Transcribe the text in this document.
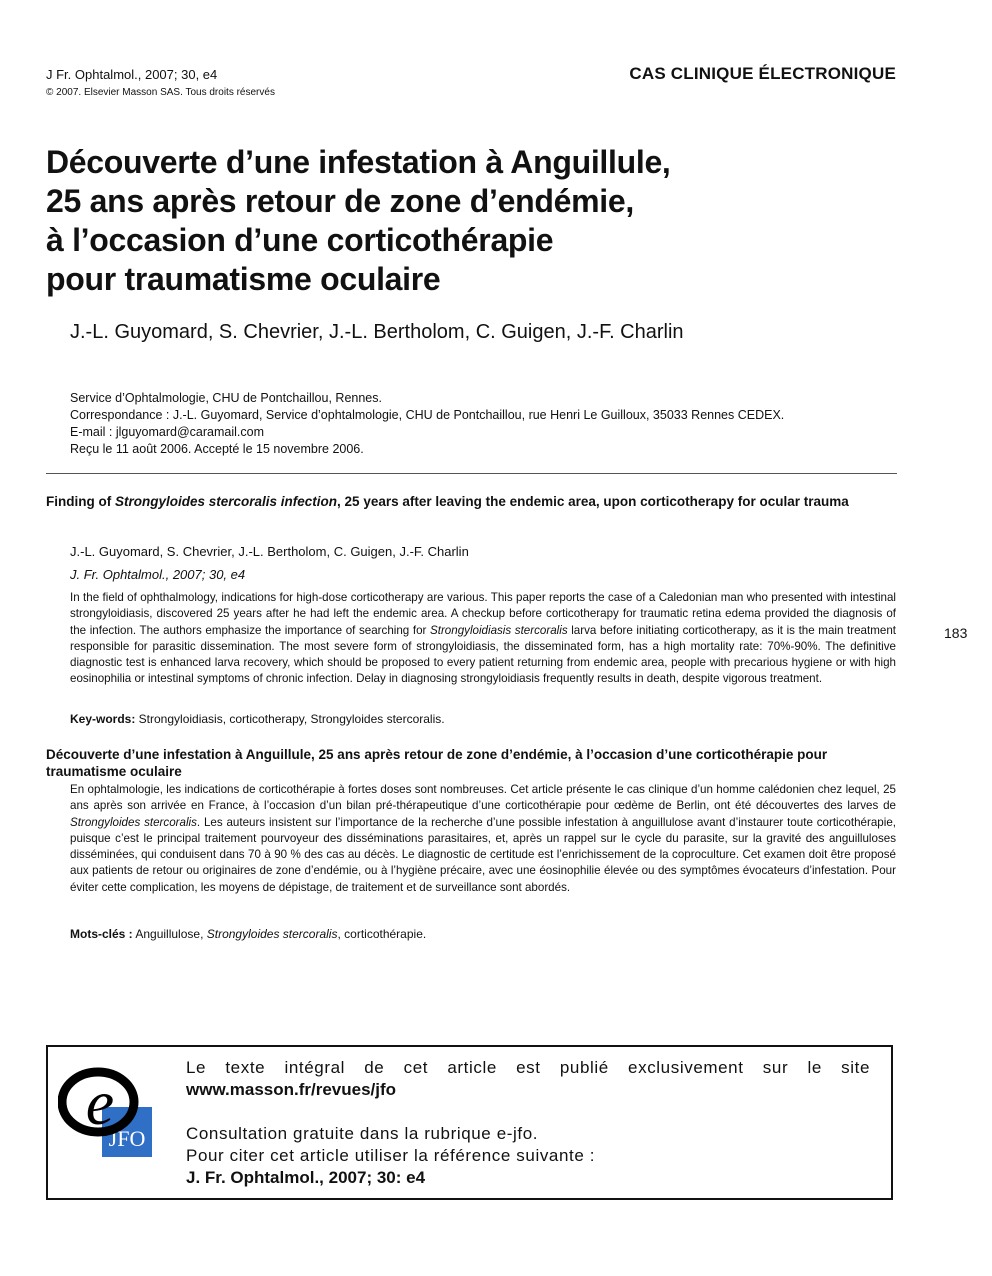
J Fr. Ophtalmol., 2007; 30, e4
© 2007. Elsevier Masson SAS. Tous droits réservés
CAS CLINIQUE ÉLECTRONIQUE
Découverte d’une infestation à Anguillule,
25 ans après retour de zone d’endémie,
à l’occasion d’une corticothérapie
pour traumatisme oculaire
J.-L. Guyomard, S. Chevrier, J.-L. Bertholom, C. Guigen, J.-F. Charlin
Service d’Ophtalmologie, CHU de Pontchaillou, Rennes.
Correspondance : J.-L. Guyomard, Service d’ophtalmologie, CHU de Pontchaillou, rue Henri Le Guilloux, 35033 Rennes CEDEX.
E-mail : jlguyomard@caramail.com
Reçu le 11 août 2006. Accepté le 15 novembre 2006.
Finding of Strongyloides stercoralis infection, 25 years after leaving the endemic area, upon corticotherapy for ocular trauma
J.-L. Guyomard, S. Chevrier, J.-L. Bertholom, C. Guigen, J.-F. Charlin
J. Fr. Ophtalmol., 2007; 30, e4
In the field of ophthalmology, indications for high-dose corticotherapy are various. This paper reports the case of a Caledonian man who presented with intestinal strongyloidiasis, discovered 25 years after he had left the endemic area. A checkup before corticotherapy for traumatic retina edema provided the diagnosis of the infection. The authors emphasize the importance of searching for Strongyloidiasis stercoralis larva before initiating corticotherapy, as it is the main treatment responsible for parasitic dissemination. The most severe form of strongyloidiasis, the disseminated form, has a high mortality rate: 70%-90%. The definitive diagnostic test is enhanced larva recovery, which should be proposed to every patient returning from endemic area, people with precarious hygiene or with high eosinophilia or intestinal symptoms of chronic infection. Delay in diagnosing strongyloidiasis frequently results in death, despite vigorous treatment.
Key-words: Strongyloidiasis, corticotherapy, Strongyloides stercoralis.
Découverte d’une infestation à Anguillule, 25 ans après retour de zone d’endémie, à l’occasion d’une corticothérapie pour traumatisme oculaire
En ophtalmologie, les indications de corticothérapie à fortes doses sont nombreuses. Cet article présente le cas clinique d’un homme calédonien chez lequel, 25 ans après son arrivée en France, à l’occasion d’un bilan pré-thérapeutique d’une corticothérapie pour œdème de Berlin, ont été découvertes des larves de Strongyloides stercoralis. Les auteurs insistent sur l’importance de la recherche d’une possible infestation à anguillulose avant d’instaurer toute corticothérapie, puisque c’est le principal traitement pourvoyeur des disséminations parasitaires, et, après un rappel sur le cycle du parasite, sur la gravité des anguilluloses disséminées, qui conduisent dans 70 à 90 % des cas au décès. Le diagnostic de certitude est l’enrichissement de la coproculture. Cet examen doit être proposé aux patients de retour ou originaires de zone d’endémie, ou à l’hygiène précaire, avec une éosinophilie élevée ou des symptômes évocateurs d’infestation. Pour éviter cette complication, les moyens de dépistage, de traitement et de surveillance sont abordés.
Mots-clés : Anguillulose, Strongyloides stercoralis, corticothérapie.
183
JFO
e	Le texte intégral de cet article est publié exclusivement sur le site
www.masson.fr/revues/jfo
Consultation gratuite dans la rubrique e-jfo.
Pour citer cet article utiliser la référence suivante :
J. Fr. Ophtalmol., 2007; 30: e4
